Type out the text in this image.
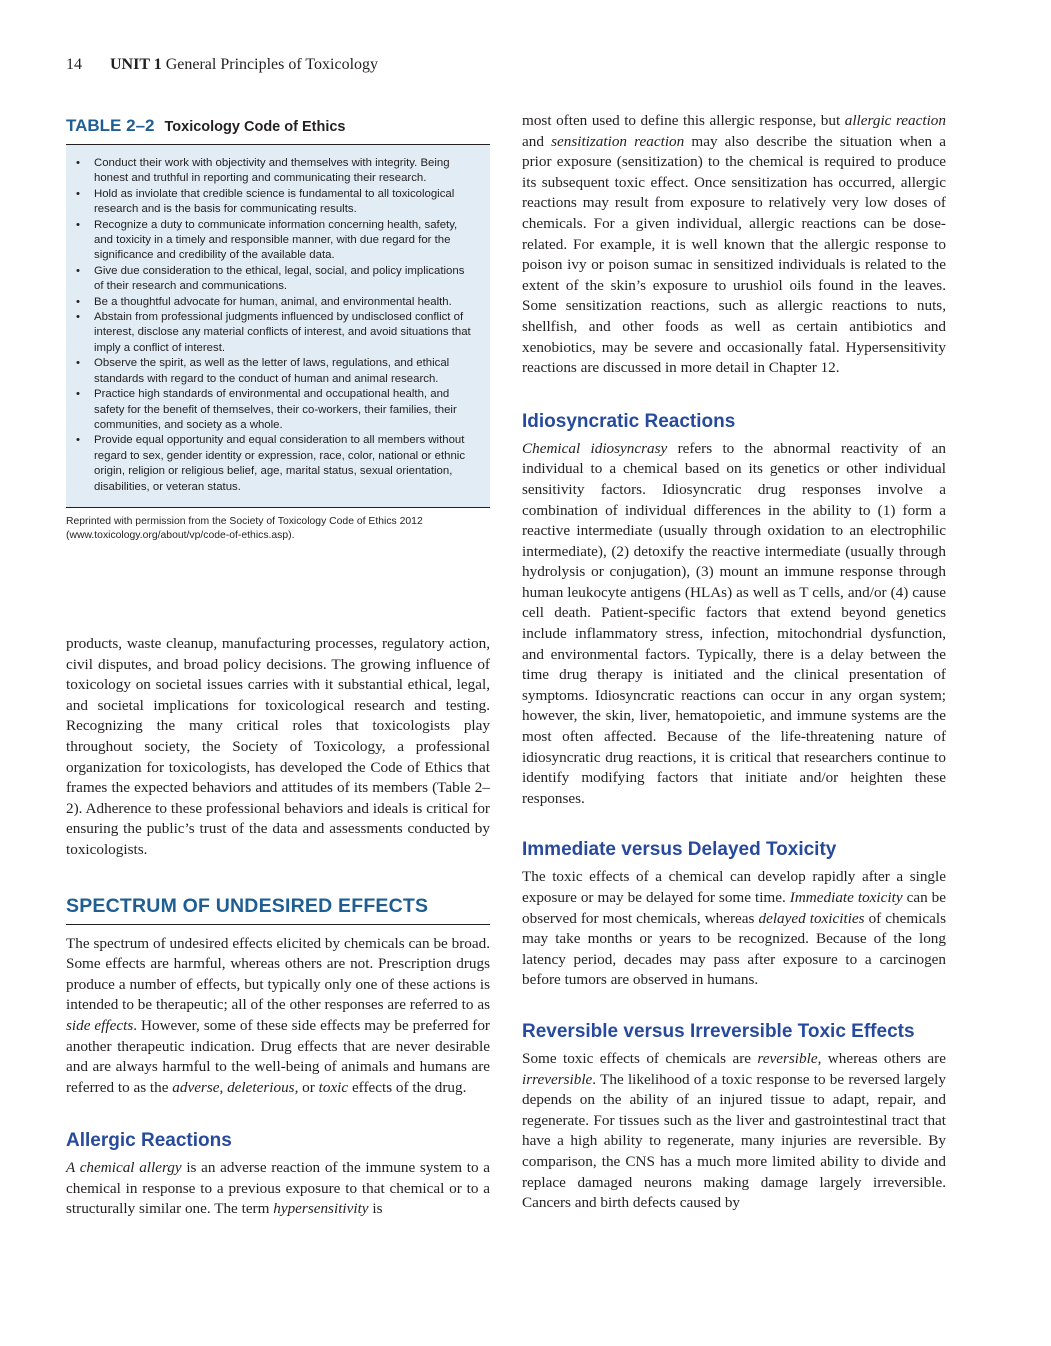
14 UNIT 1 General Principles of Toxicology
TABLE 2–2 Toxicology Code of Ethics
• Conduct their work with objectivity and themselves with integrity. Being honest and truthful in reporting and communicating their research.
• Hold as inviolate that credible science is fundamental to all toxicological research and is the basis for communicating results.
• Recognize a duty to communicate information concerning health, safety, and toxicity in a timely and responsible manner, with due regard for the significance and credibility of the available data.
• Give due consideration to the ethical, legal, social, and policy implications of their research and communications.
• Be a thoughtful advocate for human, animal, and environmental health.
• Abstain from professional judgments influenced by undisclosed conflict of interest, disclose any material conflicts of interest, and avoid situations that imply a conflict of interest.
• Observe the spirit, as well as the letter of laws, regulations, and ethical standards with regard to the conduct of human and animal research.
• Practice high standards of environmental and occupational health, and safety for the benefit of themselves, their co-workers, their families, their communities, and society as a whole.
• Provide equal opportunity and equal consideration to all members without regard to sex, gender identity or expression, race, color, national or ethnic origin, religion or religious belief, age, marital status, sexual orientation, disabilities, or veteran status.
Reprinted with permission from the Society of Toxicology Code of Ethics 2012 (www.toxicology.org/about/vp/code-of-ethics.asp).

products, waste cleanup, manufacturing processes, regulatory action, civil disputes, and broad policy decisions. The growing influence of toxicology on societal issues carries with it substantial ethical, legal, and societal implications for toxicological research and testing. Recognizing the many critical roles that toxicologists play throughout society, the Society of Toxicology, a professional organization for toxicologists, has developed the Code of Ethics that frames the expected behaviors and attitudes of its members (Table 2–2). Adherence to these professional behaviors and ideals is critical for ensuring the public’s trust of the data and assessments conducted by toxicologists.

SPECTRUM OF UNDESIRED EFFECTS

The spectrum of undesired effects elicited by chemicals can be broad. Some effects are harmful, whereas others are not. Prescription drugs produce a number of effects, but typically only one of these actions is intended to be therapeutic; all of the other responses are referred to as side effects. However, some of these side effects may be preferred for another therapeutic indication. Drug effects that are never desirable and are always harmful to the well-being of animals and humans are referred to as the adverse, deleterious, or toxic effects of the drug.

Allergic Reactions

A chemical allergy is an adverse reaction of the immune system to a chemical in response to a previous exposure to that chemical or to a structurally similar one. The term hypersensitivity is

most often used to define this allergic response, but allergic reaction and sensitization reaction may also describe the situation when a prior exposure (sensitization) to the chemical is required to produce its subsequent toxic effect. Once sensitization has occurred, allergic reactions may result from exposure to relatively very low doses of chemicals. For a given individual, allergic reactions can be dose-related. For example, it is well known that the allergic response to poison ivy or poison sumac in sensitized individuals is related to the extent of the skin’s exposure to urushiol oils found in the leaves. Some sensitization reactions, such as allergic reactions to nuts, shellfish, and other foods as well as certain antibiotics and xenobiotics, may be severe and occasionally fatal. Hypersensitivity reactions are discussed in more detail in Chapter 12.

Idiosyncratic Reactions

Chemical idiosyncrasy refers to the abnormal reactivity of an individual to a chemical based on its genetics or other individual sensitivity factors. Idiosyncratic drug responses involve a combination of individual differences in the ability to (1) form a reactive intermediate (usually through oxidation to an electrophilic intermediate), (2) detoxify the reactive intermediate (usually through hydrolysis or conjugation), (3) mount an immune response through human leukocyte antigens (HLAs) as well as T cells, and/or (4) cause cell death. Patient-specific factors that extend beyond genetics include inflammatory stress, infection, mitochondrial dysfunction, and environmental factors. Typically, there is a delay between the time drug therapy is initiated and the clinical presentation of symptoms. Idiosyncratic reactions can occur in any organ system; however, the skin, liver, hematopoietic, and immune systems are the most often affected. Because of the life-threatening nature of idiosyncratic drug reactions, it is critical that researchers continue to identify modifying factors that initiate and/or heighten these responses.

Immediate versus Delayed Toxicity

The toxic effects of a chemical can develop rapidly after a single exposure or may be delayed for some time. Immediate toxicity can be observed for most chemicals, whereas delayed toxicities of chemicals may take months or years to be recognized. Because of the long latency period, decades may pass after exposure to a carcinogen before tumors are observed in humans.

Reversible versus Irreversible Toxic Effects

Some toxic effects of chemicals are reversible, whereas others are irreversible. The likelihood of a toxic response to be reversed largely depends on the ability of an injured tissue to adapt, repair, and regenerate. For tissues such as the liver and gastrointestinal tract that have a high ability to regenerate, many injuries are reversible. By comparison, the CNS has a much more limited ability to divide and replace damaged neurons making damage largely irreversible. Cancers and birth defects caused by
